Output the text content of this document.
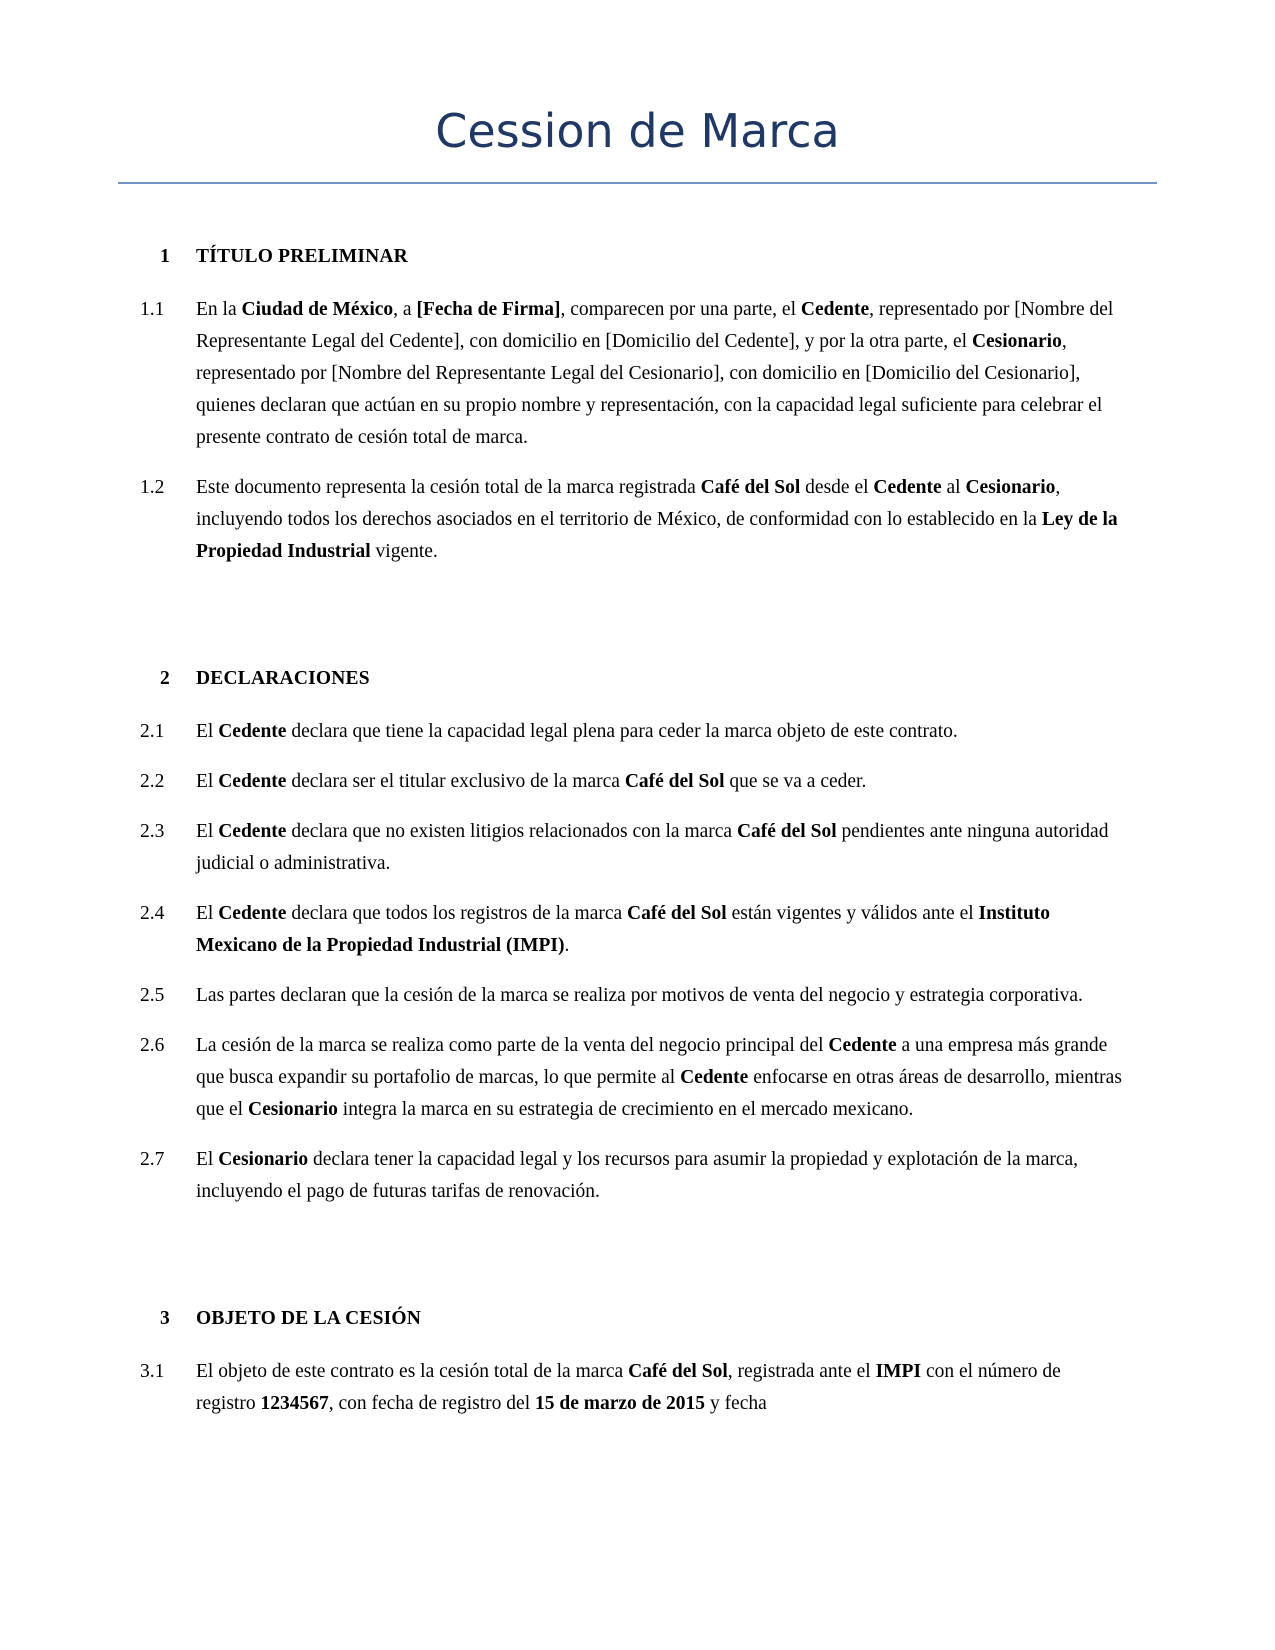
Cession de Marca
1	TÍTULO PRELIMINAR
1.1	En la Ciudad de México, a [Fecha de Firma], comparecen por una parte, el Cedente, representado por [Nombre del Representante Legal del Cedente], con domicilio en [Domicilio del Cedente], y por la otra parte, el Cesionario, representado por [Nombre del Representante Legal del Cesionario], con domicilio en [Domicilio del Cesionario], quienes declaran que actúan en su propio nombre y representación, con la capacidad legal suficiente para celebrar el presente contrato de cesión total de marca.
1.2	Este documento representa la cesión total de la marca registrada Café del Sol desde el Cedente al Cesionario, incluyendo todos los derechos asociados en el territorio de México, de conformidad con lo establecido en la Ley de la Propiedad Industrial vigente.
2	DECLARACIONES
2.1	El Cedente declara que tiene la capacidad legal plena para ceder la marca objeto de este contrato.
2.2	El Cedente declara ser el titular exclusivo de la marca Café del Sol que se va a ceder.
2.3	El Cedente declara que no existen litigios relacionados con la marca Café del Sol pendientes ante ninguna autoridad judicial o administrativa.
2.4	El Cedente declara que todos los registros de la marca Café del Sol están vigentes y válidos ante el Instituto Mexicano de la Propiedad Industrial (IMPI).
2.5	Las partes declaran que la cesión de la marca se realiza por motivos de venta del negocio y estrategia corporativa.
2.6	La cesión de la marca se realiza como parte de la venta del negocio principal del Cedente a una empresa más grande que busca expandir su portafolio de marcas, lo que permite al Cedente enfocarse en otras áreas de desarrollo, mientras que el Cesionario integra la marca en su estrategia de crecimiento en el mercado mexicano.
2.7	El Cesionario declara tener la capacidad legal y los recursos para asumir la propiedad y explotación de la marca, incluyendo el pago de futuras tarifas de renovación.
3	OBJETO DE LA CESIÓN
3.1	El objeto de este contrato es la cesión total de la marca Café del Sol, registrada ante el IMPI con el número de registro 1234567, con fecha de registro del 15 de marzo de 2015 y fecha
